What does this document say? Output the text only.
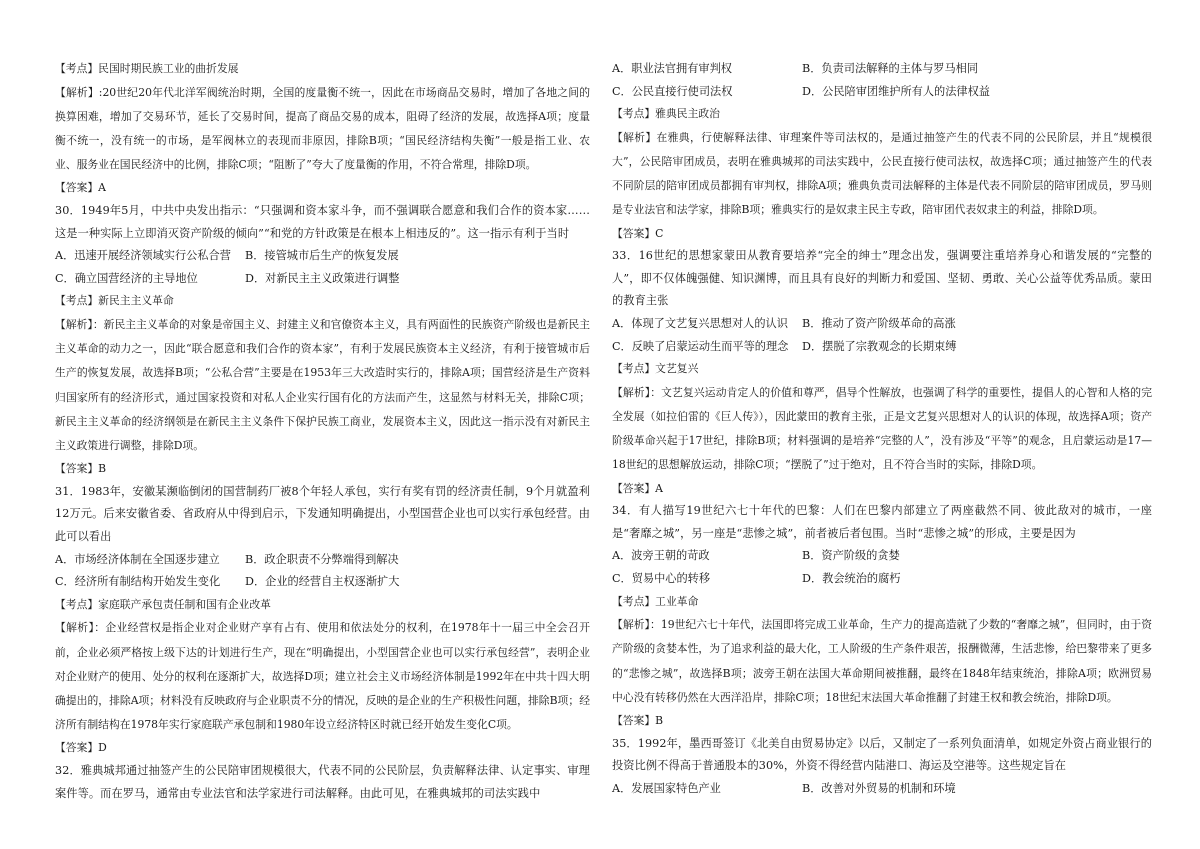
【考点】民国时期民族工业的曲折发展

【解析】:20世纪20年代北洋军阀统治时期，全国的度量衡不统一，因此在市场商品交易时，增加了各地之间的换算困难，增加了交易环节，延长了交易时间，提高了商品交易的成本，阻碍了经济的发展，故选择A项；度量衡不统一，没有统一的市场，是军阀林立的表现而非原因，排除B项；“国民经济结构失衡”一般是指工业、农业、服务业在国民经济中的比例，排除C项；“阻断了”夸大了度量衡的作用，不符合常理，排除D项。

【答案】A

30．1949年5月，中共中央发出指示：“只强调和资本家斗争，而不强调联合愿意和我们合作的资本家……这是一种实际上立即消灭资产阶级的倾向”“和党的方针政策是在根本上相违反的”。这一指示有利于当时

A．迅速开展经济领域实行公私合营	B．接管城市后生产的恢复发展
C．确立国营经济的主导地位	D．对新民主主义政策进行调整

【考点】新民主主义革命

【解析】：新民主主义革命的对象是帝国主义、封建主义和官僚资本主义，具有两面性的民族资产阶级也是新民主主义革命的动力之一，因此“联合愿意和我们合作的资本家”，有利于发展民族资本主义经济，有利于接管城市后生产的恢复发展，故选择B项；“公私合营”主要是在1953年三大改造时实行的，排除A项；国营经济是生产资料归国家所有的经济形式，通过国家投资和对私人企业实行国有化的方法而产生，这显然与材料无关，排除C项；新民主主义革命的经济纲领是在新民主主义条件下保护民族工商业，发展资本主义，因此这一指示没有对新民主主义政策进行调整，排除D项。

【答案】B

31．1983年，安徽某濒临倒闭的国营制药厂被8个年轻人承包，实行有奖有罚的经济责任制，9个月就盈利12万元。后来安徽省委、省政府从中得到启示，下发通知明确提出，小型国营企业也可以实行承包经营。由此可以看出

A．市场经济体制在全国逐步建立	B．政企职责不分弊端得到解决
C．经济所有制结构开始发生变化	D．企业的经营自主权逐渐扩大

【考点】家庭联产承包责任制和国有企业改革

【解析】：企业经营权是指企业对企业财产享有占有、使用和依法处分的权利，在1978年十一届三中全会召开前，企业必须严格按上级下达的计划进行生产，现在“明确提出，小型国营企业也可以实行承包经营”，表明企业对企业财产的使用、处分的权利在逐渐扩大，故选择D项；建立社会主义市场经济体制是1992年在中共十四大明确提出的，排除A项；材料没有反映政府与企业职责不分的情况，反映的是企业的生产积极性问题，排除B项；经济所有制结构在1978年实行家庭联产承包制和1980年设立经济特区时就已经开始发生变化C项。

【答案】D

32．雅典城邦通过抽签产生的公民陪审团规模很大，代表不同的公民阶层，负责解释法律、认定事实、审理案件等。而在罗马，通常由专业法官和法学家进行司法解释。由此可见，在雅典城邦的司法实践中

A．职业法官拥有审判权	B．负责司法解释的主体与罗马相同
C．公民直接行使司法权	D．公民陪审团维护所有人的法律权益

【考点】雅典民主政治

【解析】在雅典，行使解释法律、审理案件等司法权的，是通过抽签产生的代表不同的公民阶层，并且“规模很大”，公民陪审团成员，表明在雅典城邦的司法实践中，公民直接行使司法权，故选择C项；通过抽签产生的代表不同阶层的陪审团成员都拥有审判权，排除A项；雅典负责司法解释的主体是代表不同阶层的陪审团成员，罗马则是专业法官和法学家，排除B项；雅典实行的是奴隶主民主专政，陪审团代表奴隶主的利益，排除D项。

【答案】C

33．16世纪的思想家蒙田从教育要培养“完全的绅士”理念出发，强调要注重培养身心和谐发展的“完整的人”，即不仅体魄强健、知识渊博，而且具有良好的判断力和爱国、坚韧、勇敢、关心公益等优秀品质。蒙田的教育主张

A．体现了文艺复兴思想对人的认识	B．推动了资产阶级革命的高涨
C．反映了启蒙运动生而平等的理念	D．摆脱了宗教观念的长期束缚

【考点】文艺复兴

【解析】：文艺复兴运动肯定人的价值和尊严，倡导个性解放，也强调了科学的重要性，提倡人的心智和人格的完全发展（如拉伯雷的《巨人传》），因此蒙田的教育主张，正是文艺复兴思想对人的认识的体现，故选择A项；资产阶级革命兴起于17世纪，排除B项；材料强调的是培养“完整的人”，没有涉及“平等”的观念，且启蒙运动是17—18世纪的思想解放运动，排除C项；“摆脱了”过于绝对，且不符合当时的实际，排除D项。

【答案】A

34．有人描写19世纪六七十年代的巴黎：人们在巴黎内部建立了两座截然不同、彼此敌对的城市，一座是“奢靡之城”，另一座是“悲惨之城”，前者被后者包围。当时“悲惨之城”的形成，主要是因为

A．波旁王朝的苛政	B．资产阶级的贪婪
C．贸易中心的转移	D．教会统治的腐朽

【考点】工业革命

【解析】：19世纪六七十年代，法国即将完成工业革命，生产力的提高造就了少数的“奢靡之城”，但同时，由于资产阶级的贪婪本性，为了追求利益的最大化，工人阶级的生产条件艰苦，报酬微薄，生活悲惨，给巴黎带来了更多的“悲惨之城”，故选择B项；波旁王朝在法国大革命期间被推翻，最终在1848年结束统治，排除A项；欧洲贸易中心没有转移仍然在大西洋沿岸，排除C项；18世纪末法国大革命推翻了封建王权和教会统治，排除D项。

【答案】B

35．1992年，墨西哥签订《北美自由贸易协定》以后，又制定了一系列负面清单，如规定外资占商业银行的投资比例不得高于普通股本的30%，外资不得经营内陆港口、海运及空港等。这些规定旨在

A．发展国家特色产业	B．改善对外贸易的机制和环境
